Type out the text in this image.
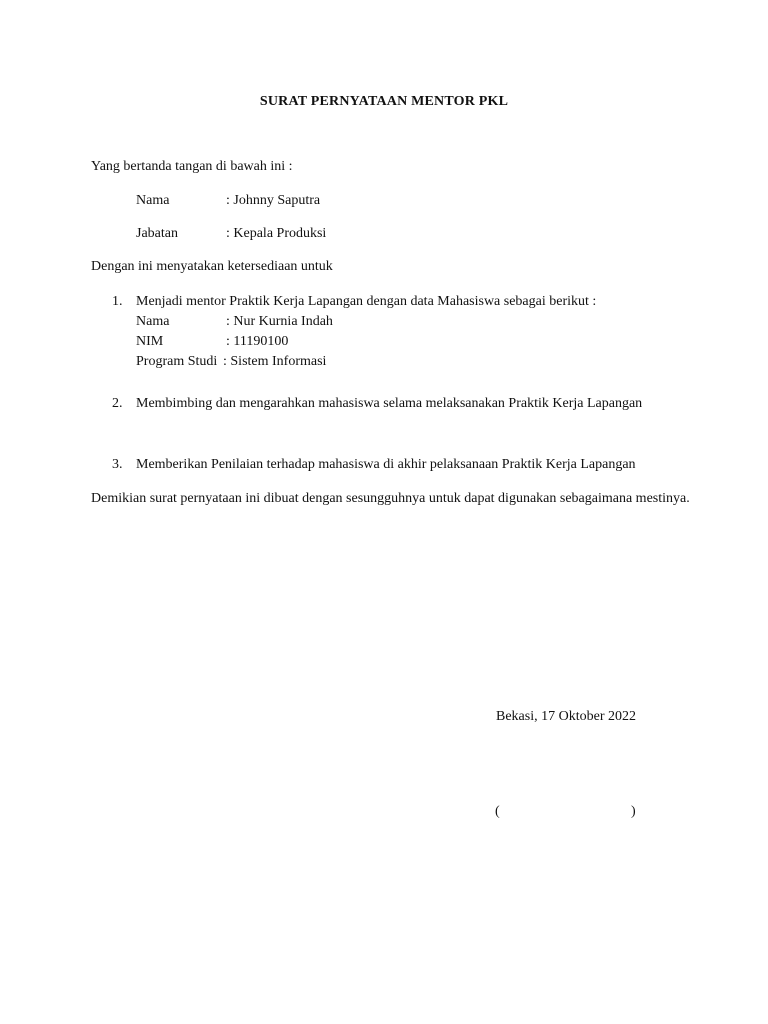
SURAT PERNYATAAN MENTOR PKL
Yang bertanda tangan di bawah ini :
Nama	: Johnny Saputra
Jabatan	: Kepala Produksi
Dengan ini menyatakan ketersediaan untuk
1. Menjadi mentor Praktik Kerja Lapangan dengan data Mahasiswa sebagai berikut :
Nama	: Nur Kurnia Indah
NIM	: 11190100
Program Studi : Sistem Informasi
2. Membimbing dan mengarahkan mahasiswa selama melaksanakan Praktik Kerja Lapangan
3. Memberikan Penilaian terhadap mahasiswa di akhir pelaksanaan Praktik Kerja Lapangan
Demikian surat pernyataan ini dibuat dengan sesungguhnya untuk dapat digunakan sebagaimana mestinya.
Bekasi, 17 Oktober 2022
(	)
